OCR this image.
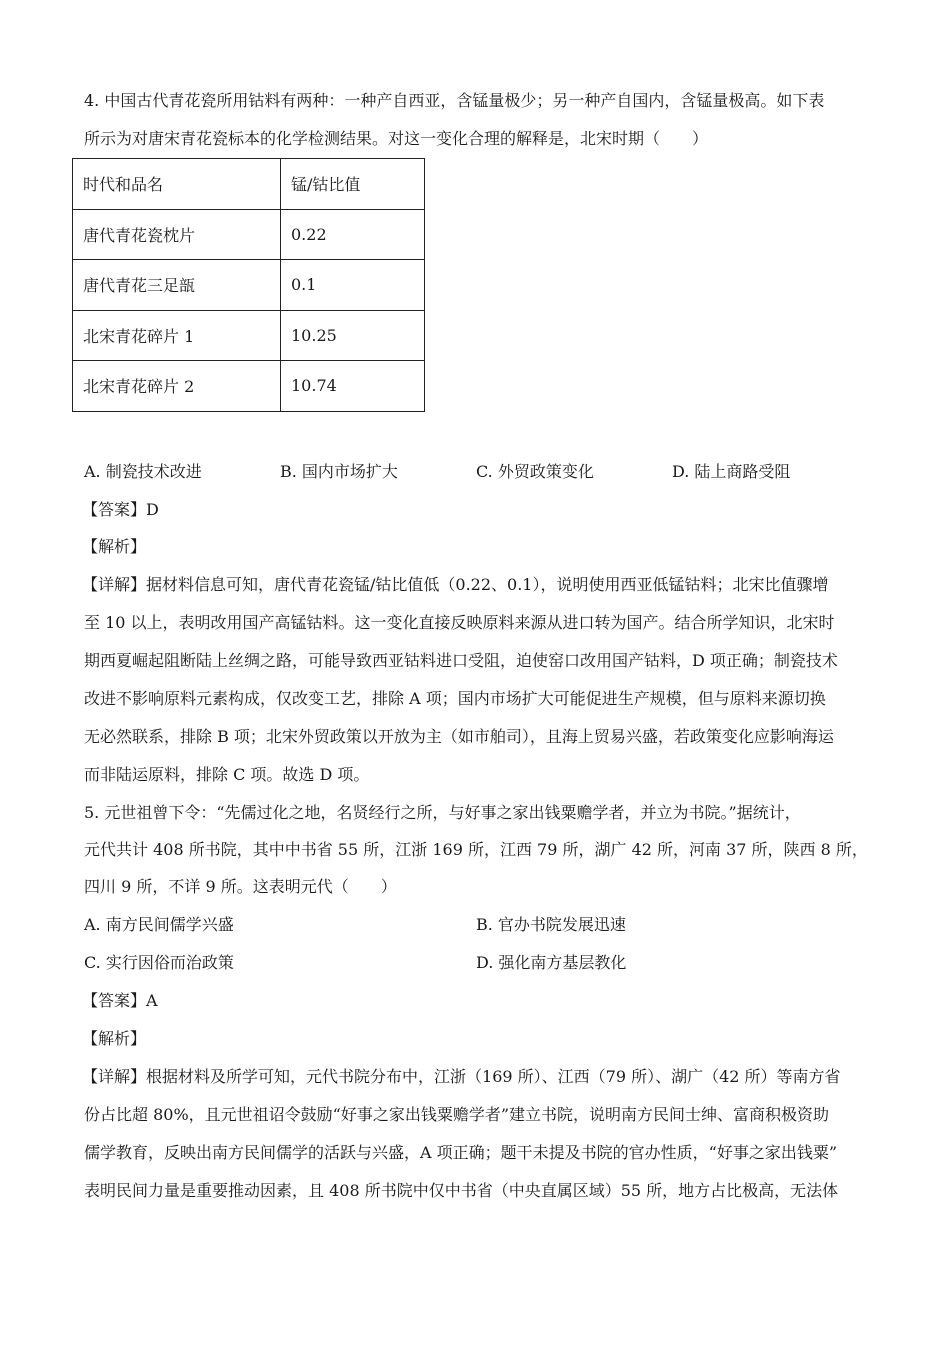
4. 中国古代青花瓷所用钴料有两种：一种产自西亚，含锰量极少；另一种产自国内，含锰量极高。如下表

所示为对唐宋青花瓷标本的化学检测结果。对这一变化合理的解释是，北宋时期（　　）

时代和品名	锰/钴比值
唐代青花瓷枕片	0.22
唐代青花三足瓿	0.1
北宋青花碎片 1	10.25
北宋青花碎片 2	10.74
A. 制瓷技术改进	B. 国内市场扩大	C. 外贸政策变化	D. 陆上商路受阻

【答案】D

【解析】

【详解】据材料信息可知，唐代青花瓷锰/钴比值低（0.22、0.1），说明使用西亚低锰钴料；北宋比值骤增

至 10 以上，表明改用国产高锰钴料。这一变化直接反映原料来源从进口转为国产。结合所学知识，北宋时

期西夏崛起阻断陆上丝绸之路，可能导致西亚钴料进口受阻，迫使窑口改用国产钴料，D 项正确；制瓷技术

改进不影响原料元素构成，仅改变工艺，排除 A 项；国内市场扩大可能促进生产规模，但与原料来源切换

无必然联系，排除 B 项；北宋外贸政策以开放为主（如市舶司），且海上贸易兴盛，若政策变化应影响海运

而非陆运原料，排除 C 项。故选 D 项。

5. 元世祖曾下令：“先儒过化之地，名贤经行之所，与好事之家出钱粟赡学者，并立为书院。”据统计，

元代共计 408 所书院，其中中书省 55 所，江浙 169 所，江西 79 所，湖广 42 所，河南 37 所，陕西 8 所，

四川 9 所，不详 9 所。这表明元代（　　）

A. 南方民间儒学兴盛	B. 官办书院发展迅速
C. 实行因俗而治政策	D. 强化南方基层教化

【答案】A

【解析】

【详解】根据材料及所学可知，元代书院分布中，江浙（169 所）、江西（79 所）、湖广（42 所）等南方省

份占比超 80%，且元世祖诏令鼓励“好事之家出钱粟赡学者”建立书院，说明南方民间士绅、富商积极资助

儒学教育，反映出南方民间儒学的活跃与兴盛，A 项正确；题干未提及书院的官办性质，“好事之家出钱粟”

表明民间力量是重要推动因素，且 408 所书院中仅中书省（中央直属区域）55 所，地方占比极高，无法体
